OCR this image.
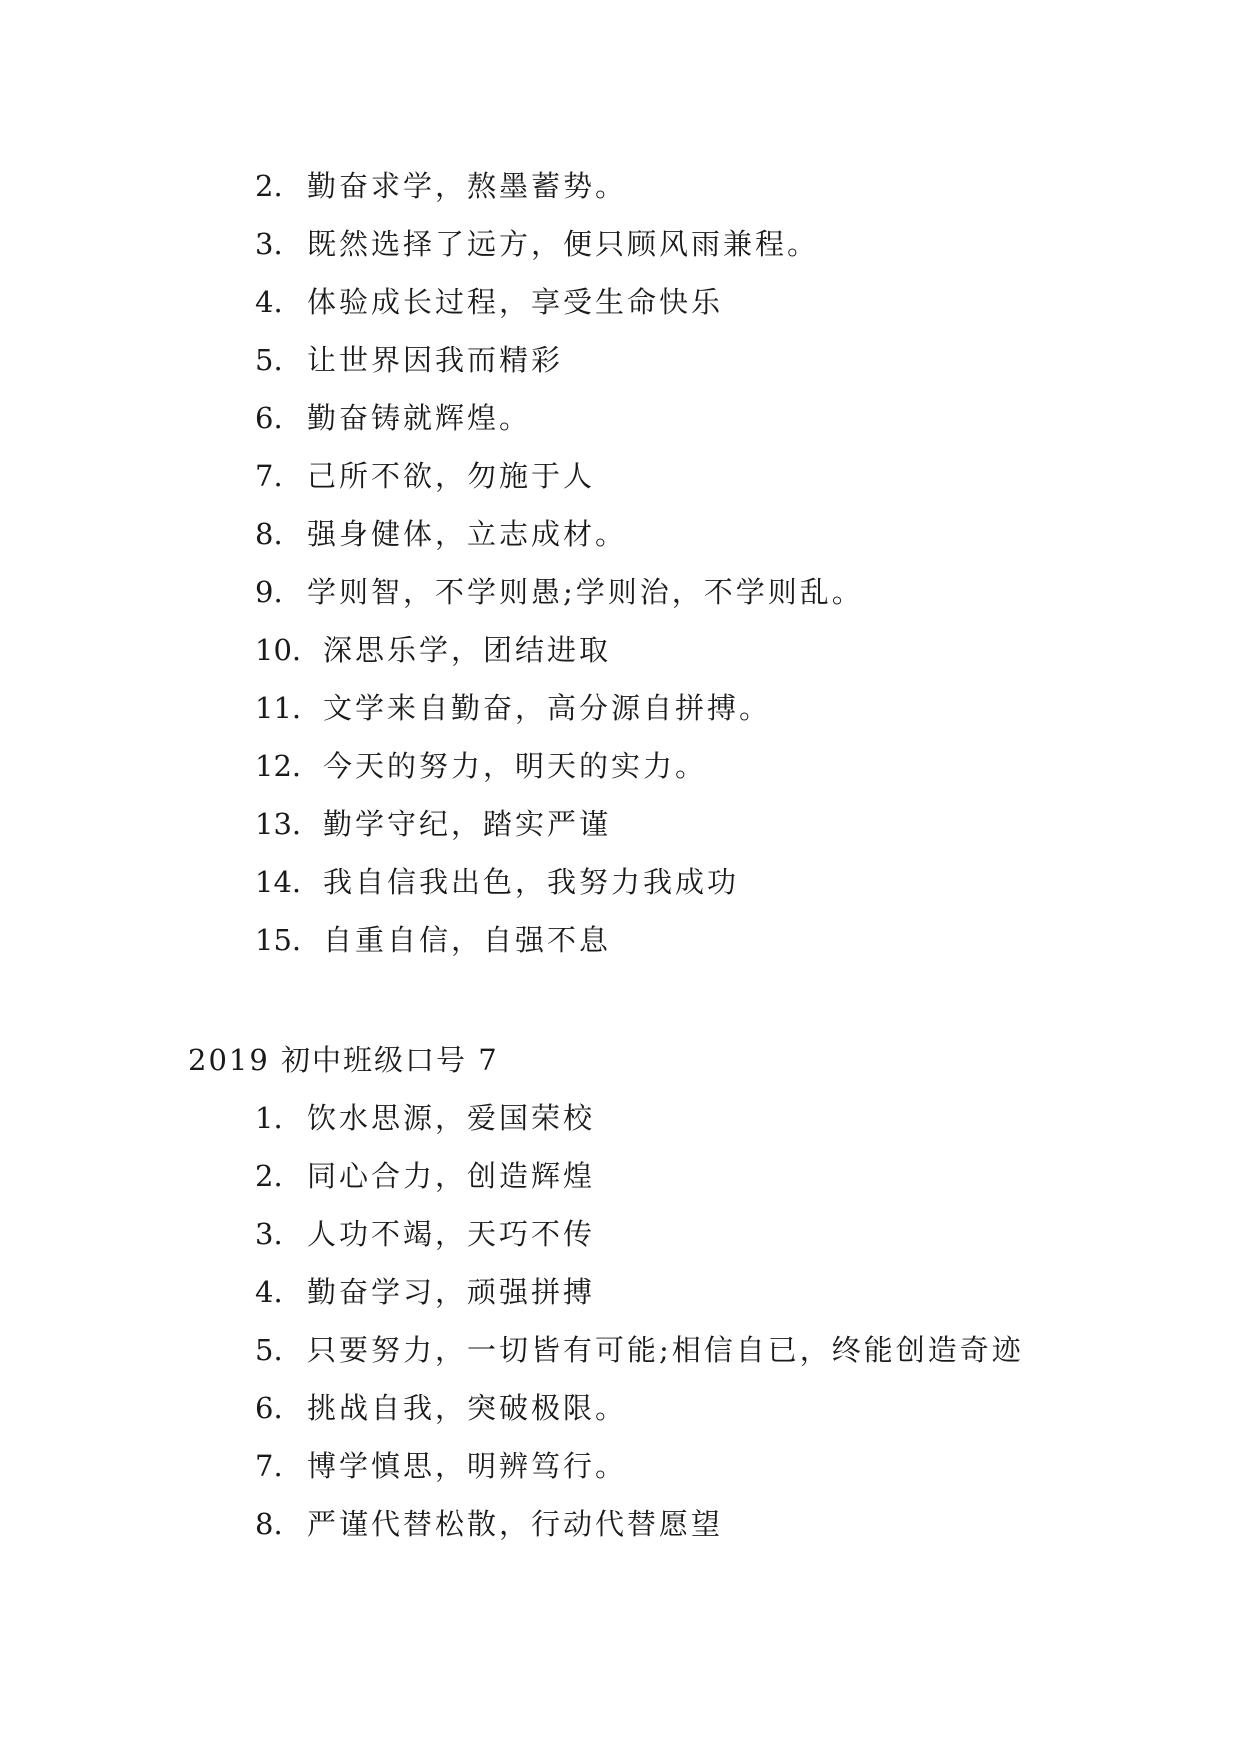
2. 勤奋求学，熬墨蓄势。
3. 既然选择了远方，便只顾风雨兼程。
4. 体验成长过程，享受生命快乐
5. 让世界因我而精彩
6. 勤奋铸就辉煌。
7. 己所不欲，勿施于人
8. 强身健体，立志成材。
9. 学则智，不学则愚;学则治，不学则乱。
10. 深思乐学，团结进取
11. 文学来自勤奋，高分源自拼搏。
12. 今天的努力，明天的实力。
13. 勤学守纪，踏实严谨
14. 我自信我出色，我努力我成功
15. 自重自信，自强不息
2019 初中班级口号 7
1. 饮水思源，爱国荣校
2. 同心合力，创造辉煌
3. 人功不竭，天巧不传
4. 勤奋学习，顽强拼搏
5. 只要努力，一切皆有可能;相信自已，终能创造奇迹
6. 挑战自我，突破极限。
7. 博学慎思，明辨笃行。
8. 严谨代替松散，行动代替愿望
